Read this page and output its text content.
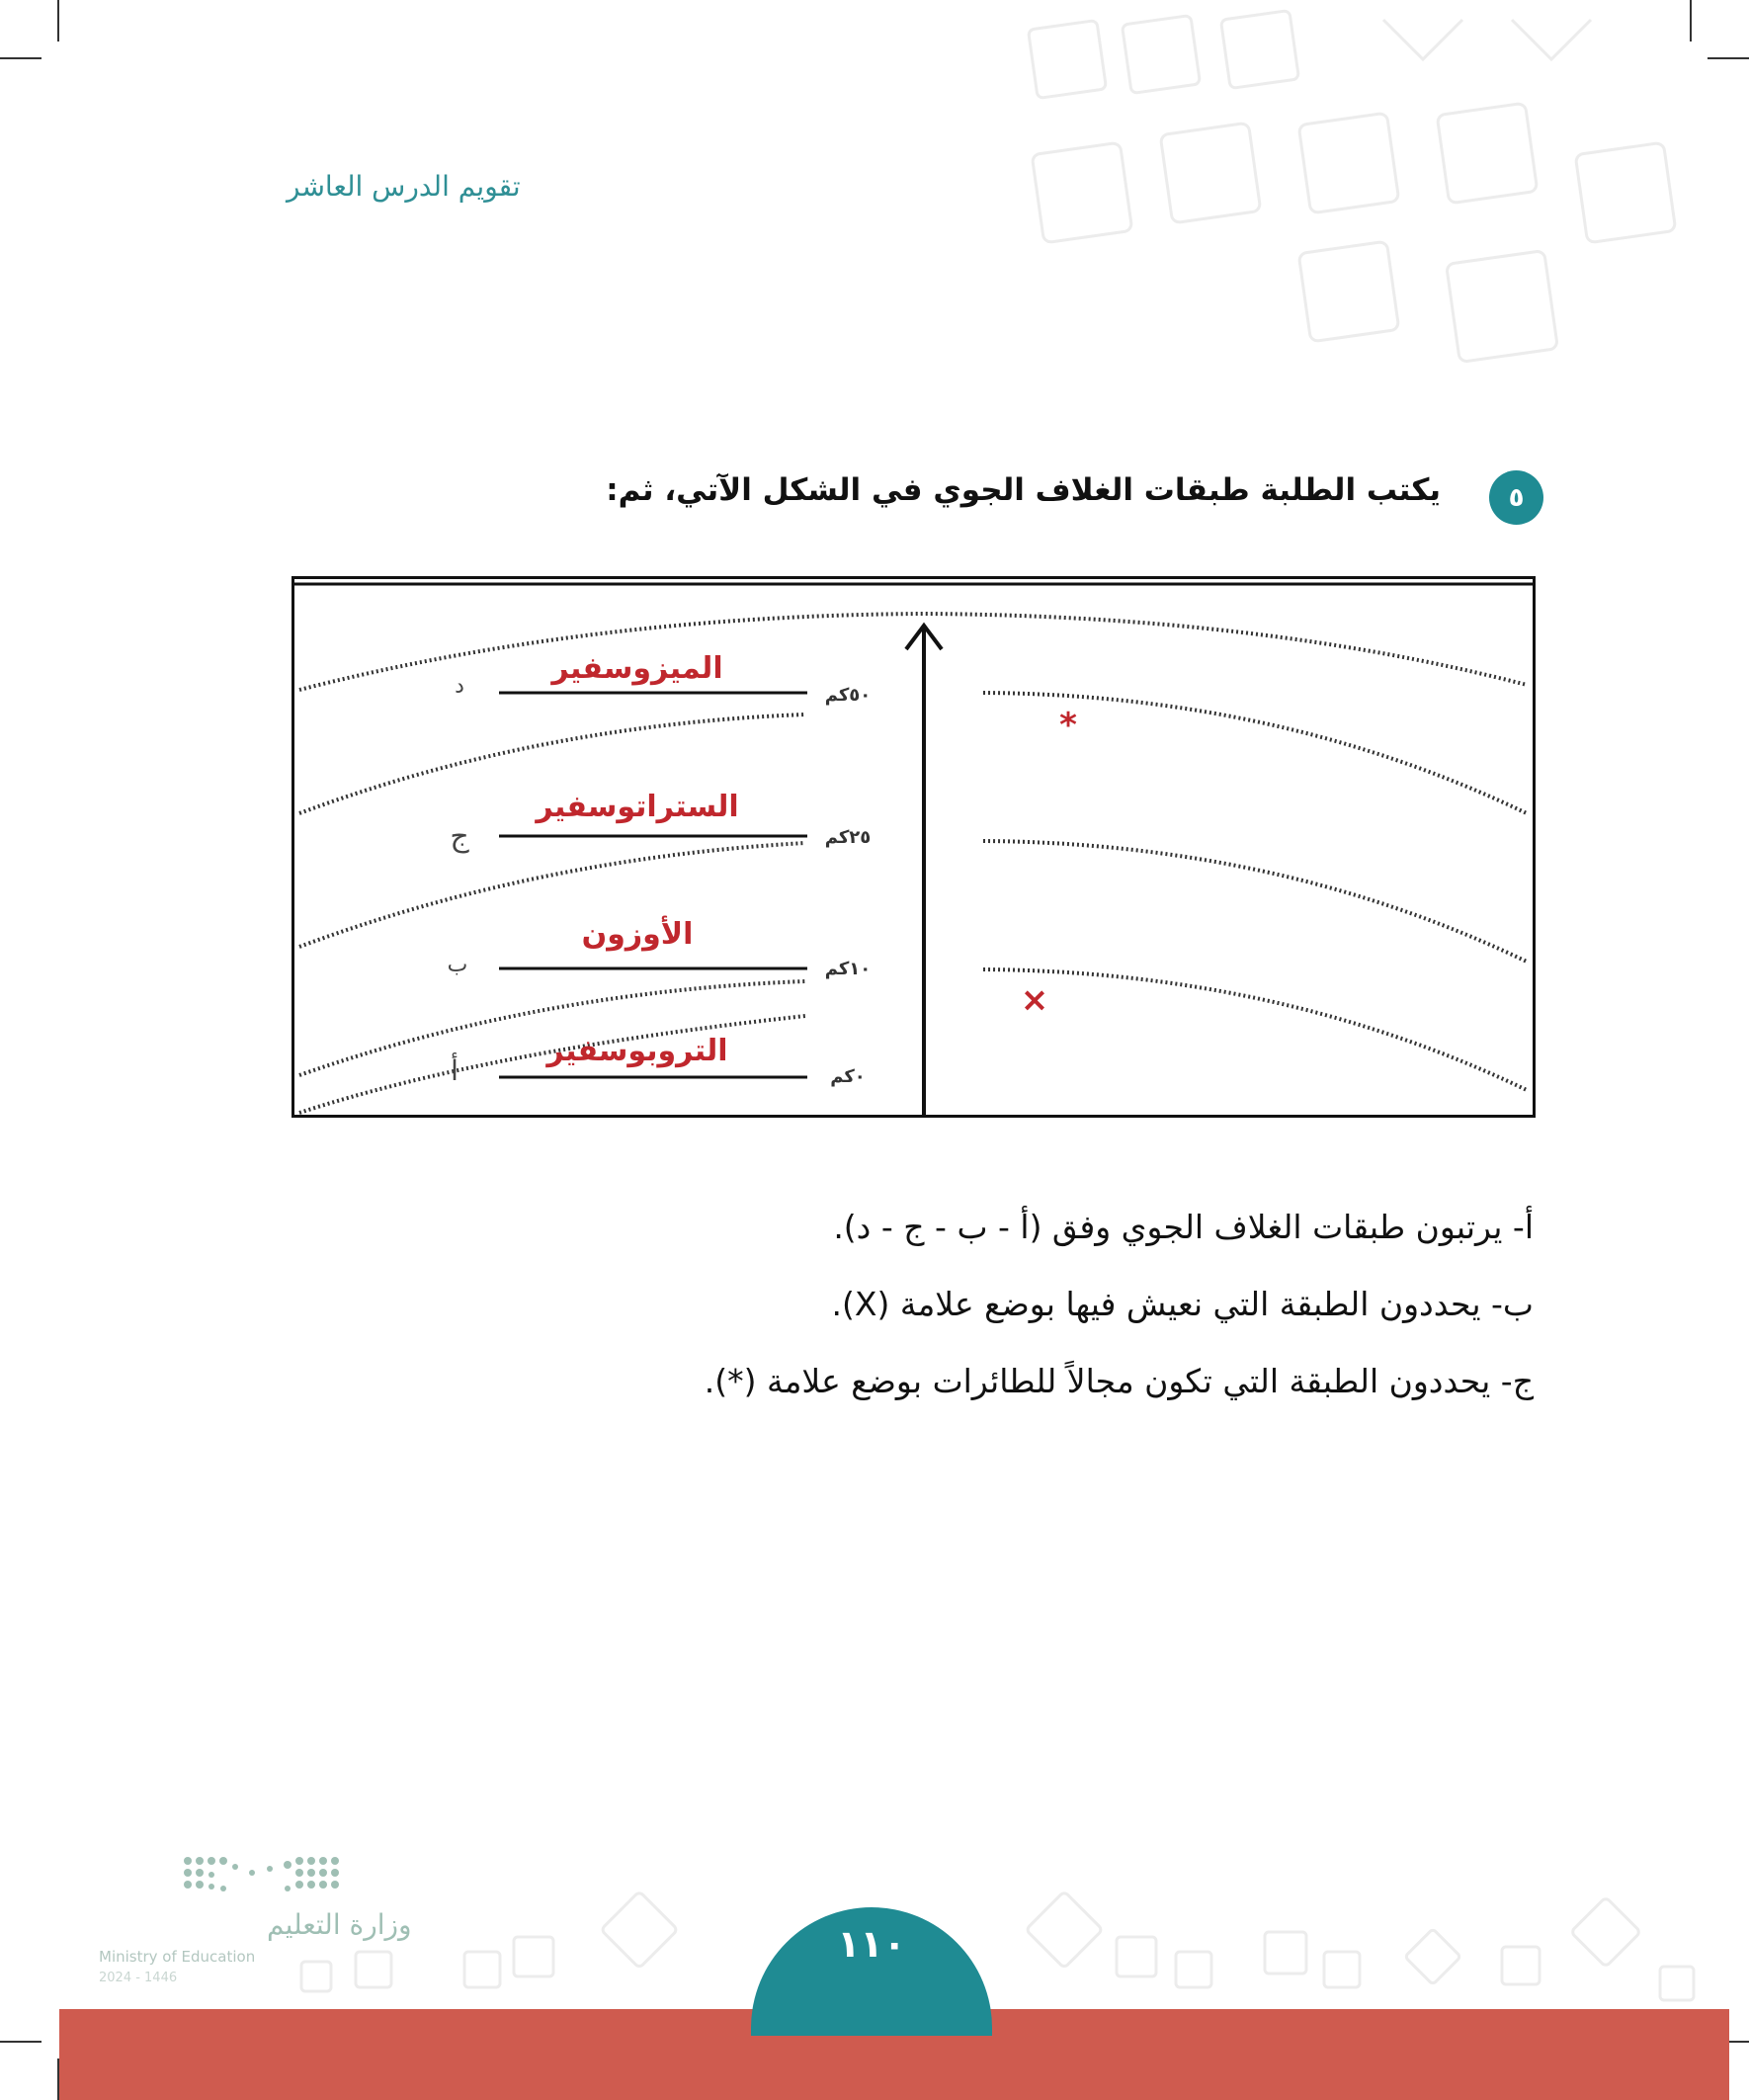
تقويم الدرس العاشر
٥
يكتب الطلبة طبقات الغلاف الجوي في الشكل الآتي، ثم:
د
ج
ب
أ
٥٠كم
٢٥كم
١٠كم
٠كم
الميزوسفير
الستراتوسفير
الأوزون
التروبوسفير
*
×
أ- يرتبون طبقات الغلاف الجوي وفق (أ - ب - ج - د).
ب- يحددون الطبقة التي نعيش فيها بوضع علامة (X).
ج- يحددون الطبقة التي تكون مجالاً للطائرات بوضع علامة (*).
١١٠
وزارة التعليم
Ministry of Education
2024 - 1446
